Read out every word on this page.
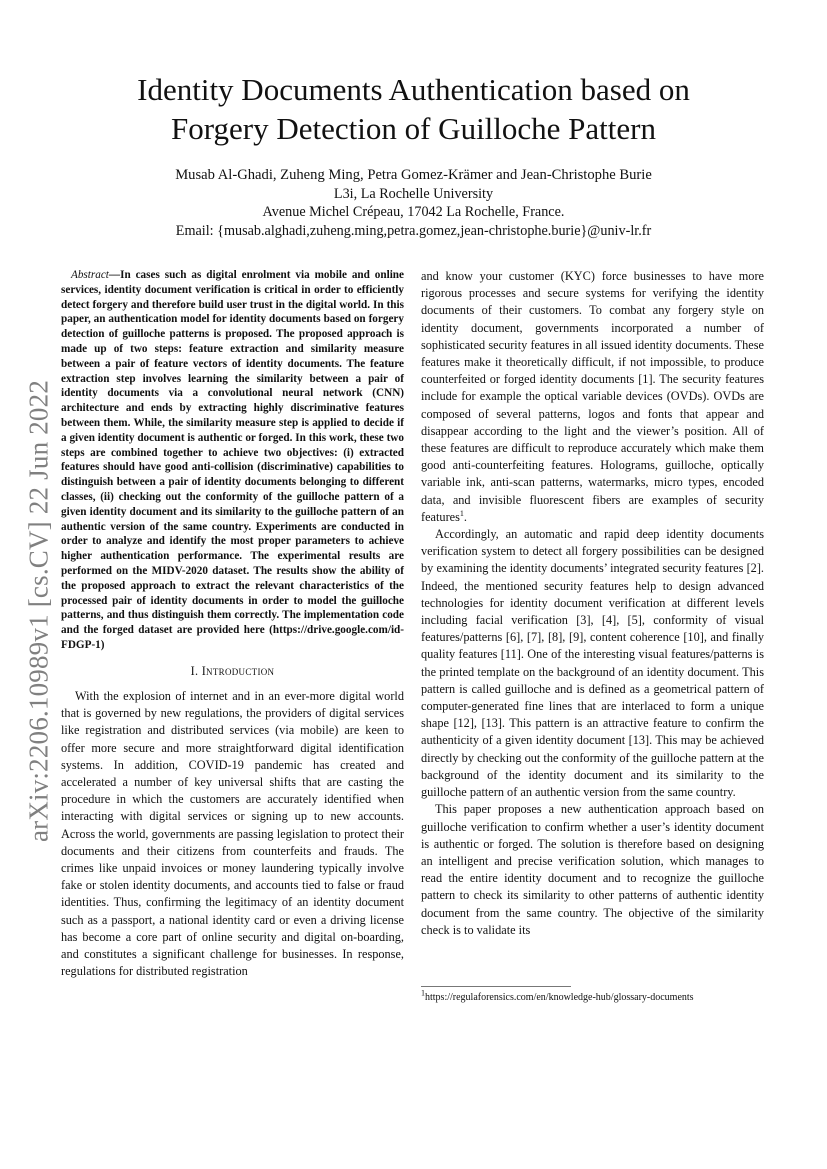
Identity Documents Authentication based on
Forgery Detection of Guilloche Pattern
Musab Al-Ghadi, Zuheng Ming, Petra Gomez-Krämer and Jean-Christophe Burie
L3i, La Rochelle University
Avenue Michel Crépeau, 17042 La Rochelle, France.
Email: {musab.alghadi,zuheng.ming,petra.gomez,jean-christophe.burie}@univ-lr.fr
arXiv:2206.10989v1 [cs.CV] 22 Jun 2022

Abstract—In cases such as digital enrolment via mobile and online services, identity document verification is critical in order to efficiently detect forgery and therefore build user trust in the digital world. In this paper, an authentication model for identity documents based on forgery detection of guilloche patterns is proposed. The proposed approach is made up of two steps: feature extraction and similarity measure between a pair of feature vectors of identity documents. The feature extraction step involves learning the similarity between a pair of identity documents via a convolutional neural network (CNN) architecture and ends by extracting highly discriminative features between them. While, the similarity measure step is applied to decide if a given identity document is authentic or forged. In this work, these two steps are combined together to achieve two objectives: (i) extracted features should have good anti-collision (discriminative) capabilities to distinguish between a pair of identity documents belonging to different classes, (ii) checking out the conformity of the guilloche pattern of a given identity document and its similarity to the guilloche pattern of an authentic version of the same country. Experiments are conducted in order to analyze and identify the most proper parameters to achieve higher authentication performance. The experimental results are performed on the MIDV-2020 dataset. The results show the ability of the proposed approach to extract the relevant characteristics of the processed pair of identity documents in order to model the guilloche patterns, and thus distinguish them correctly. The implementation code and the forged dataset are provided here (https://drive.google.com/id-FDGP-1)

I. Introduction

With the explosion of internet and in an ever-more digital world that is governed by new regulations, the providers of digital services like registration and distributed services (via mobile) are keen to offer more secure and more straightforward digital identification systems. In addition, COVID-19 pandemic has created and accelerated a number of key universal shifts that are casting the procedure in which the customers are accurately identified when interacting with digital services or signing up to new accounts. Across the world, governments are passing legislation to protect their documents and their citizens from counterfeits and frauds. The crimes like unpaid invoices or money laundering typically involve fake or stolen identity documents, and accounts tied to false or fraud identities. Thus, confirming the legitimacy of an identity document such as a passport, a national identity card or even a driving license has become a core part of online security and digital on-boarding, and constitutes a significant challenge for businesses. In response, regulations for distributed registration

and know your customer (KYC) force businesses to have more rigorous processes and secure systems for verifying the identity documents of their customers. To combat any forgery style on identity document, governments incorporated a number of sophisticated security features in all issued identity documents. These features make it theoretically difficult, if not impossible, to produce counterfeited or forged identity documents [1]. The security features include for example the optical variable devices (OVDs). OVDs are composed of several patterns, logos and fonts that appear and disappear according to the light and the viewer’s position. All of these features are difficult to reproduce accurately which make them good anti-counterfeiting features. Holograms, guilloche, optically variable ink, anti-scan patterns, watermarks, micro types, encoded data, and invisible fluorescent fibers are examples of security features$^1$.

Accordingly, an automatic and rapid deep identity documents verification system to detect all forgery possibilities can be designed by examining the identity documents’ integrated security features [2]. Indeed, the mentioned security features help to design advanced technologies for identity document verification at different levels including facial verification [3], [4], [5], conformity of visual features/patterns [6], [7], [8], [9], content coherence [10], and finally quality features [11]. One of the interesting visual features/patterns is the printed template on the background of an identity document. This pattern is called guilloche and is defined as a geometrical pattern of computer-generated fine lines that are interlaced to form a unique shape [12], [13]. This pattern is an attractive feature to confirm the authenticity of a given identity document [13]. This may be achieved directly by checking out the conformity of the guilloche pattern at the background of the identity document and its similarity to the guilloche pattern of an authentic version from the same country.

This paper proposes a new authentication approach based on guilloche verification to confirm whether a user’s identity document is authentic or forged. The solution is therefore based on designing an intelligent and precise verification solution, which manages to read the entire identity document and to recognize the guilloche pattern to check its similarity to other patterns of authentic identity document from the same country. The objective of the similarity check is to validate its

$^1$https://regulaforensics.com/en/knowledge-hub/glossary-documents
